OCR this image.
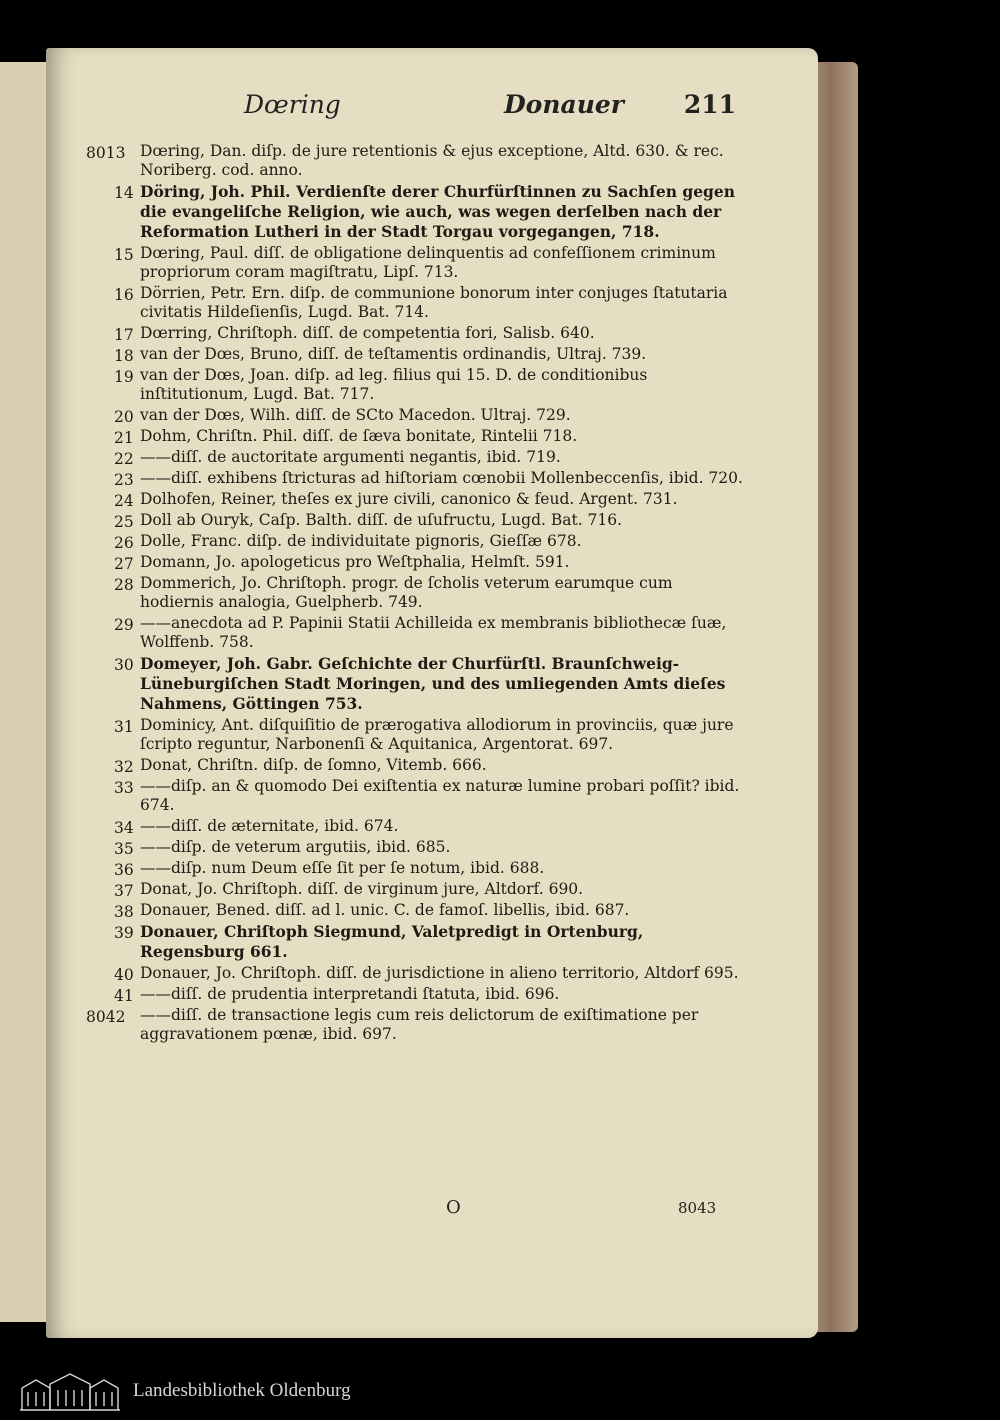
Dœring	Donauer 211
8013 Dœring, Dan. diſp. de jure retentionis & ejus exceptione, Altd. 630. & rec. Noriberg. cod. anno.
14 Döring, Joh. Phil. Verdienſte derer Churfürſtinnen zu Sachſen gegen die evangeliſche Religion, wie auch, was wegen derſelben nach der Reformation Lutheri in der Stadt Torgau vorgegangen, 718.
15 Dœring, Paul. diſſ. de obligatione delinquentis ad confeſſionem criminum propriorum coram magiſtratu, Lipſ. 713.
16 Dörrien, Petr. Ern. diſp. de communione bonorum inter conjuges ſtatutaria civitatis Hildeſienſis, Lugd. Bat. 714.
17 Dœrring, Chriſtoph. diſſ. de competentia fori, Salisb. 640.
18 van der Dœs, Bruno, diſſ. de teſtamentis ordinandis, Ultraj. 739.
19 van der Dœs, Joan. diſp. ad leg. filius qui 15. D. de conditionibus inſtitutionum, Lugd. Bat. 717.
20 van der Dœs, Wilh. diſſ. de SCto Macedon. Ultraj. 729.
21 Dohm, Chriſtn. Phil. diſſ. de ſæva bonitate, Rintelii 718.
22 ——diſſ. de auctoritate argumenti negantis, ibid. 719.
23 ——diſſ. exhibens ſtricturas ad hiſtoriam cœnobii Mollenbeccenſis, ibid. 720.
24 Dolhofen, Reiner, theſes ex jure civili, canonico & feud. Argent. 731.
25 Doll ab Ouryk, Caſp. Balth. diſſ. de uſufructu, Lugd. Bat. 716.
26 Dolle, Franc. diſp. de individuitate pignoris, Gieſſæ 678.
27 Domann, Jo. apologeticus pro Weſtphalia, Helmſt. 591.
28 Dommerich, Jo. Chriſtoph. progr. de ſcholis veterum earumque cum hodiernis analogia, Guelpherb. 749.
29 ——anecdota ad P. Papinii Statii Achilleida ex membranis bibliothecæ ſuæ, Wolffenb. 758.
30 Domeyer, Joh. Gabr. Geſchichte der Churfürſtl. Braunſchweig-Lüneburgiſchen Stadt Moringen, und des umliegenden Amts dieſes Nahmens, Göttingen 753.
31 Dominicy, Ant. diſquiſitio de prærogativa allodiorum in provinciis, quæ jure ſcripto reguntur, Narbonenſi & Aquitanica, Argentorat. 697.
32 Donat, Chriſtn. diſp. de ſomno, Vitemb. 666.
33 ——diſp. an & quomodo Dei exiſtentia ex naturæ lumine probari poſſit? ibid. 674.
34 ——diſſ. de æternitate, ibid. 674.
35 ——diſp. de veterum argutiis, ibid. 685.
36 ——diſp. num Deum eſſe ſit per ſe notum, ibid. 688.
37 Donat, Jo. Chriſtoph. diſſ. de virginum jure, Altdorf. 690.
38 Donauer, Bened. diſſ. ad l. unic. C. de famoſ. libellis, ibid. 687.
39 Donauer, Chriſtoph Siegmund, Valetpredigt in Ortenburg, Regensburg 661.
40 Donauer, Jo. Chriſtoph. diſſ. de jurisdictione in alieno territorio, Altdorf 695.
41 ——diſſ. de prudentia interpretandi ſtatuta, ibid. 696.
8042 ——diſſ. de transactione legis cum reis delictorum de exiſtimatione per aggravationem pœnæ, ibid. 697.
O	8043
Landesbibliothek Oldenburg
